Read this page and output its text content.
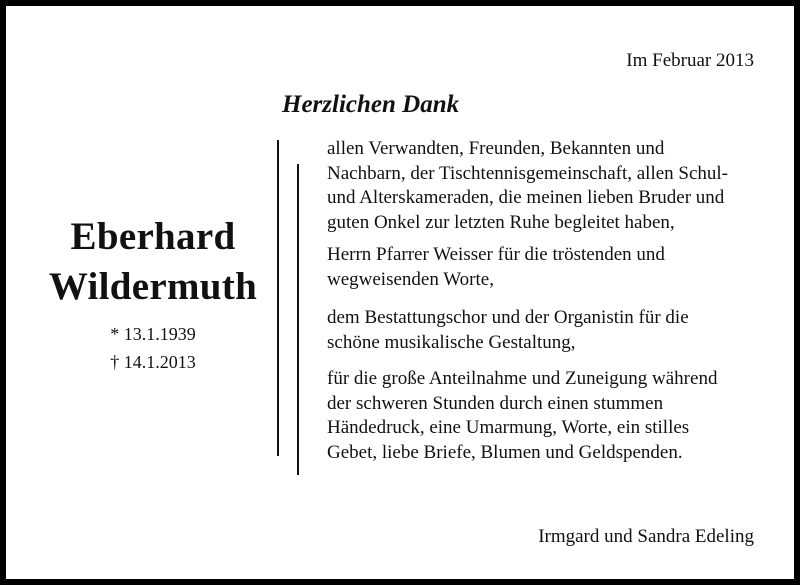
Im Februar 2013
Herzlichen Dank
Eberhard
Wildermuth
* 13.1.1939
† 14.1.2013

allen Verwandten, Freunden, Bekannten und
Nachbarn, der Tischtennisgemeinschaft, allen Schul-
und Alterskameraden, die meinen lieben Bruder und
guten Onkel zur letzten Ruhe begleitet haben,

Herrn Pfarrer Weisser für die tröstenden und
wegweisenden Worte,

dem Bestattungschor und der Organistin für die
schöne musikalische Gestaltung,

für die große Anteilnahme und Zuneigung während
der schweren Stunden durch einen stummen
Händedruck, eine Umarmung, Worte, ein stilles
Gebet, liebe Briefe, Blumen und Geldspenden.

Irmgard und Sandra Edeling
